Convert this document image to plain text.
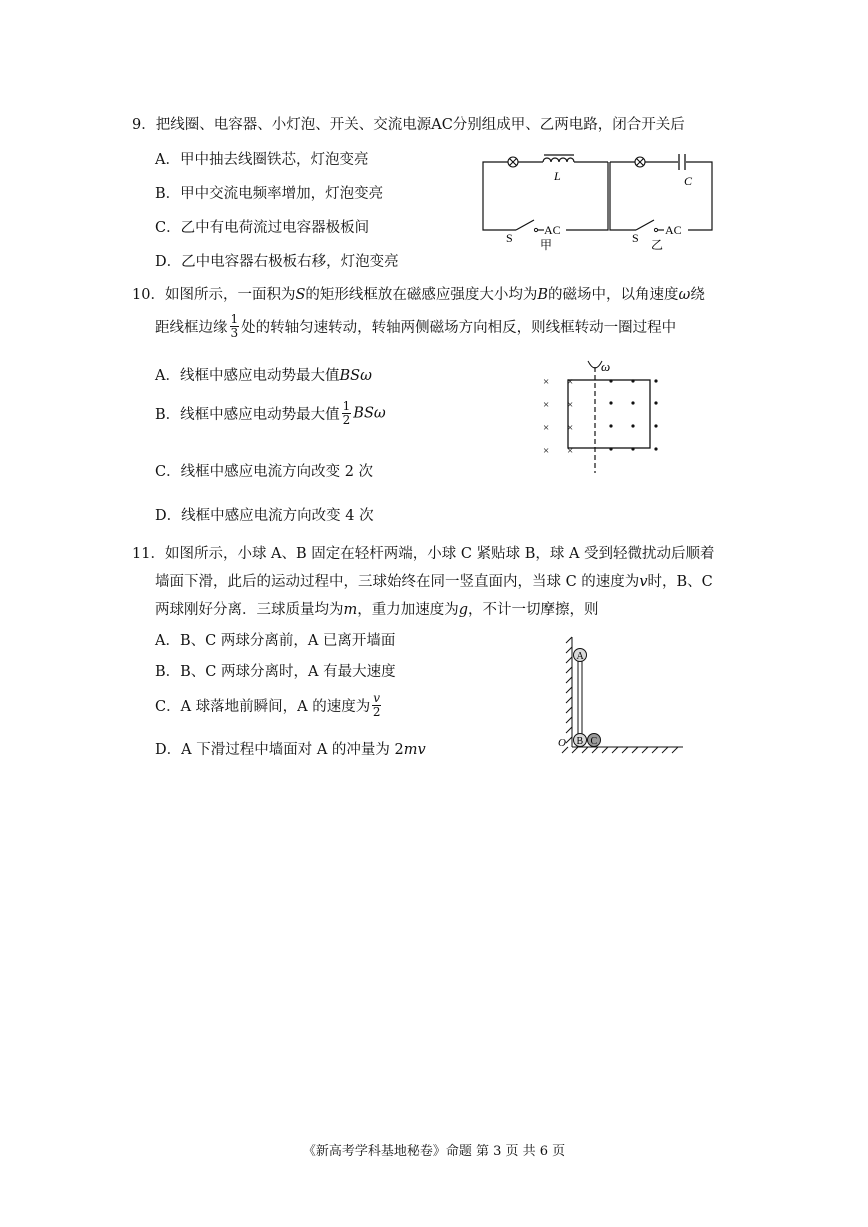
9．把线圈、电容器、小灯泡、开关、交流电源AC分别组成甲、乙两电路，闭合开关后
A．甲中抽去线圈铁芯，灯泡变亮
B．甲中交流电频率增加，灯泡变亮
C．乙中有电荷流过电容器极板间
D．乙中电容器右极板右移，灯泡变亮
L
S
AC
甲
C
S
AC
乙
10．如图所示，一面积为S的矩形线框放在磁感应强度大小均为B的磁场中，以角速度ω绕
距线框边缘 $\frac{1}{3}$ 处的转轴匀速转动，转轴两侧磁场方向相反，则线框转动一圈过程中
A．线框中感应电动势最大值BSω
B．线框中感应电动势最大值 $\frac{1}{2}$ BSω
C．线框中感应电流方向改变 2 次
D．线框中感应电流方向改变 4 次
ω
× ×
× ×
× ×
× ×
11．如图所示，小球 A、B 固定在轻杆两端，小球 C 紧贴球 B，球 A 受到轻微扰动后顺着
墙面下滑，此后的运动过程中，三球始终在同一竖直面内，当球 C 的速度为v时，B、C
两球刚好分离．三球质量均为m，重力加速度为g，不计一切摩擦，则
A．B、C 两球分离前，A 已离开墙面
B．B、C 两球分离时，A 有最大速度
C．A 球落地前瞬间，A 的速度为 $\frac{v}{2}$
D．A 下滑过程中墙面对 A 的冲量为 2mv
A
B C
O
《新高考学科基地秘卷》命题 第 3 页 共 6 页
